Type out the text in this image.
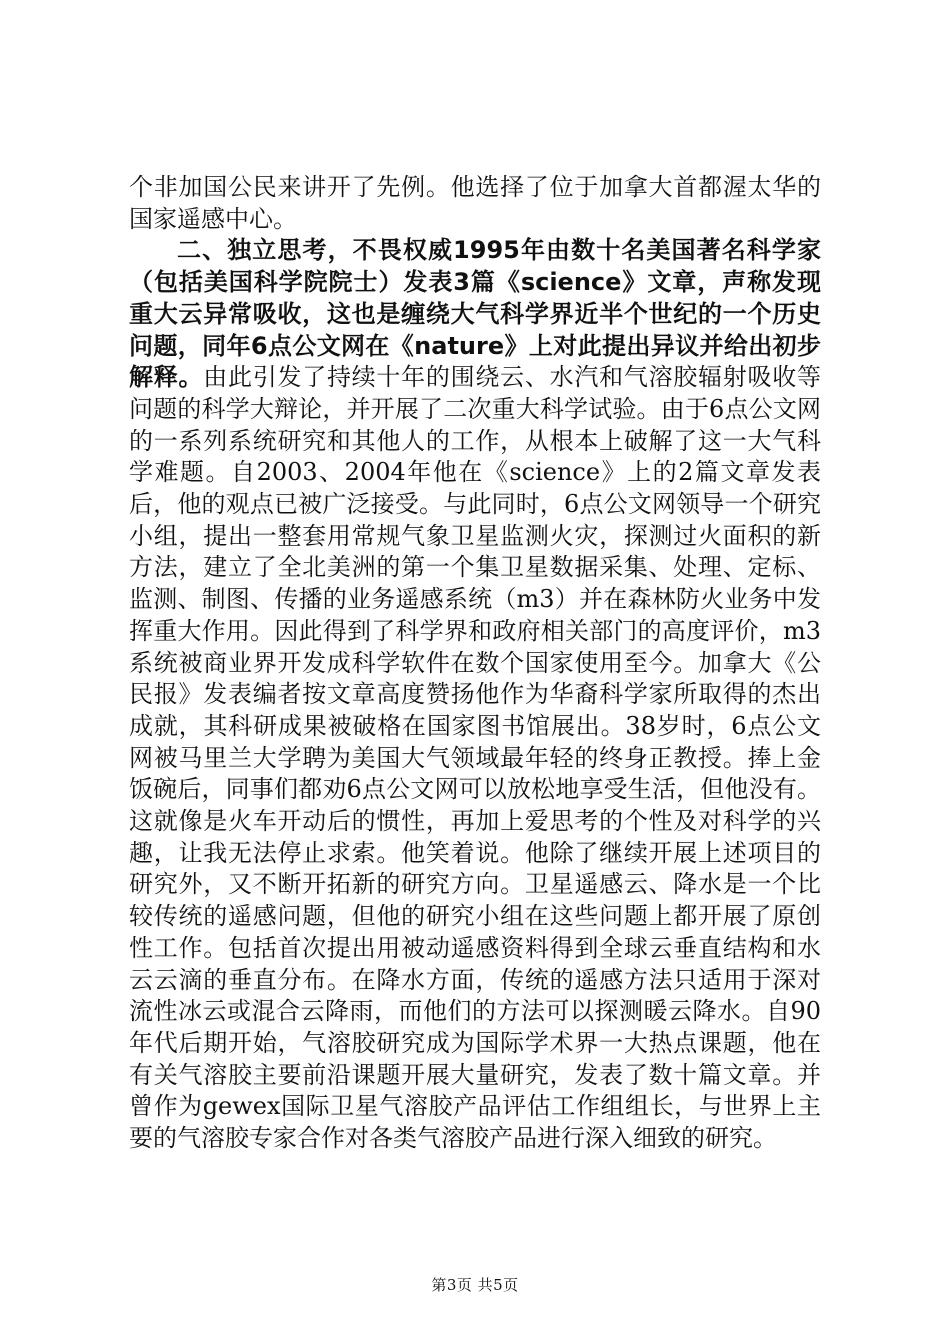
个非加国公民来讲开了先例。他选择了位于加拿大首都渥太华的国家遥感中心。

二、独立思考，不畏权威1995年由数十名美国著名科学家（包括美国科学院院士）发表3篇《science》文章，声称发现重大云异常吸收，这也是缠绕大气科学界近半个世纪的一个历史问题，同年6点公文网在《nature》上对此提出异议并给出初步解释。由此引发了持续十年的围绕云、水汽和气溶胶辐射吸收等问题的科学大辩论，并开展了二次重大科学试验。由于6点公文网的一系列系统研究和其他人的工作，从根本上破解了这一大气科学难题。自2003、2004年他在《science》上的2篇文章发表后，他的观点已被广泛接受。与此同时，6点公文网领导一个研究小组，提出一整套用常规气象卫星监测火灾，探测过火面积的新方法，建立了全北美洲的第一个集卫星数据采集、处理、定标、监测、制图、传播的业务遥感系统（m3）并在森林防火业务中发挥重大作用。因此得到了科学界和政府相关部门的高度评价，m3系统被商业界开发成科学软件在数个国家使用至今。加拿大《公民报》发表编者按文章高度赞扬他作为华裔科学家所取得的杰出成就，其科研成果被破格在国家图书馆展出。38岁时，6点公文网被马里兰大学聘为美国大气领域最年轻的终身正教授。捧上金饭碗后，同事们都劝6点公文网可以放松地享受生活，但他没有。这就像是火车开动后的惯性，再加上爱思考的个性及对科学的兴趣，让我无法停止求索。他笑着说。他除了继续开展上述项目的研究外，又不断开拓新的研究方向。卫星遥感云、降水是一个比较传统的遥感问题，但他的研究小组在这些问题上都开展了原创性工作。包括首次提出用被动遥感资料得到全球云垂直结构和水云云滴的垂直分布。在降水方面，传统的遥感方法只适用于深对流性冰云或混合云降雨，而他们的方法可以探测暖云降水。自90年代后期开始，气溶胶研究成为国际学术界一大热点课题，他在有关气溶胶主要前沿课题开展大量研究，发表了数十篇文章。并曾作为gewex国际卫星气溶胶产品评估工作组组长，与世界上主要的气溶胶专家合作对各类气溶胶产品进行深入细致的研究。

第3页 共5页
